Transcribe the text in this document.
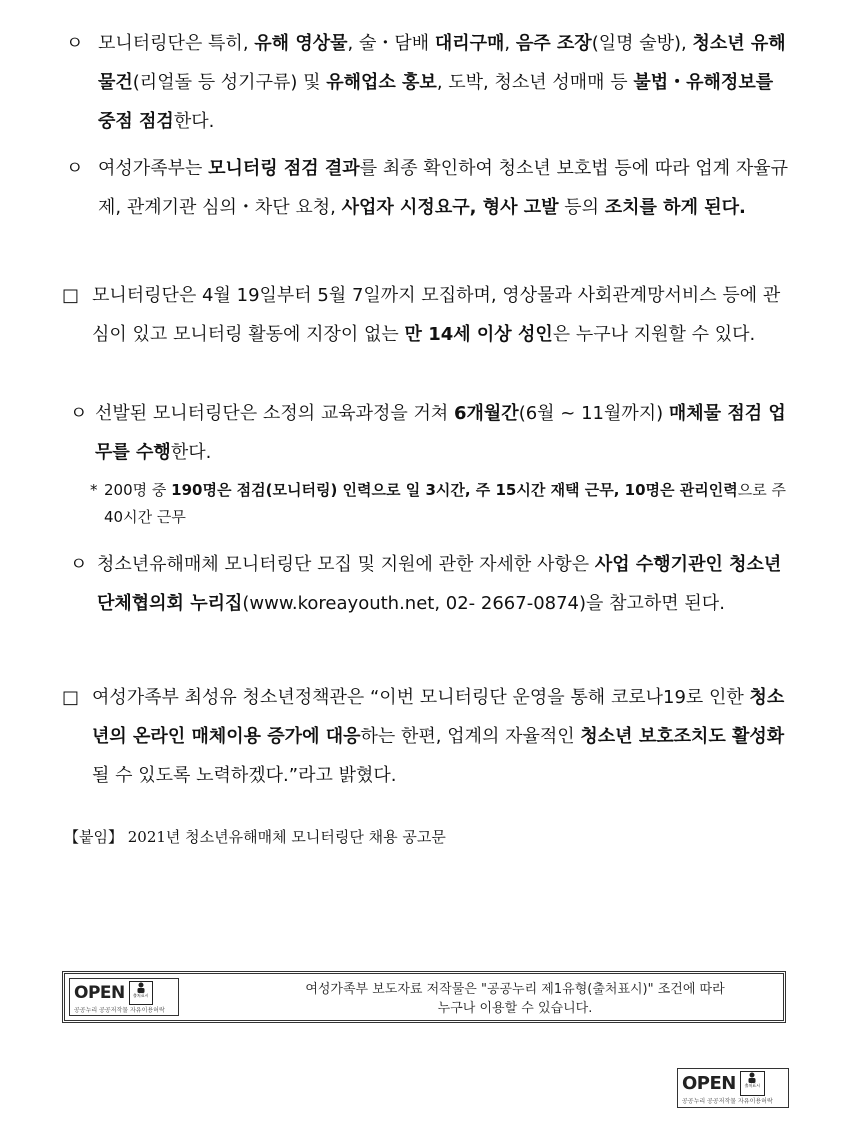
ㅇ 모니터링단은 특히, 유해 영상물, 술・담배 대리구매, 음주 조장(일명 술방), 청소년 유해물건(리얼돌 등 성기구류) 및 유해업소 홍보, 도박, 청소년 성매매 등 불법・유해정보를 중점 점검한다.

ㅇ 여성가족부는 모니터링 점검 결과를 최종 확인하여 청소년 보호법 등에 따라 업계 자율규제, 관계기관 심의・차단 요청, 사업자 시정요구, 형사 고발 등의 조치를 하게 된다.

□ 모니터링단은 4월 19일부터 5월 7일까지 모집하며, 영상물과 사회관계망서비스 등에 관심이 있고 모니터링 활동에 지장이 없는 만 14세 이상 성인은 누구나 지원할 수 있다.

ㅇ 선발된 모니터링단은 소정의 교육과정을 거쳐 6개월간(6월 ~ 11월까지) 매체물 점검 업무를 수행한다.

* 200명 중 190명은 점검(모니터링) 인력으로 일 3시간, 주 15시간 재택 근무, 10명은 관리인력으로 주 40시간 근무

ㅇ 청소년유해매체 모니터링단 모집 및 지원에 관한 자세한 사항은 사업 수행기관인 청소년단체협의회 누리집(www.koreayouth.net, 02- 2667-0874)을 참고하면 된다.

□ 여성가족부 최성유 청소년정책관은 “이번 모니터링단 운영을 통해 코로나19로 인한 청소년의 온라인 매체이용 증가에 대응하는 한편, 업계의 자율적인 청소년 보호조치도 활성화될 수 있도록 노력하겠다.”라고 밝혔다.

【붙임】 2021년 청소년유해매체 모니터링단 채용 공고문
OPEN 출처표시
공공누리 공공저작물 자유이용허락
여성가족부 보도자료 저작물은 "공공누리 제1유형(출처표시)" 조건에 따라
누구나 이용할 수 있습니다.
OPEN 출처표시
공공누리 공공저작물 자유이용허락
